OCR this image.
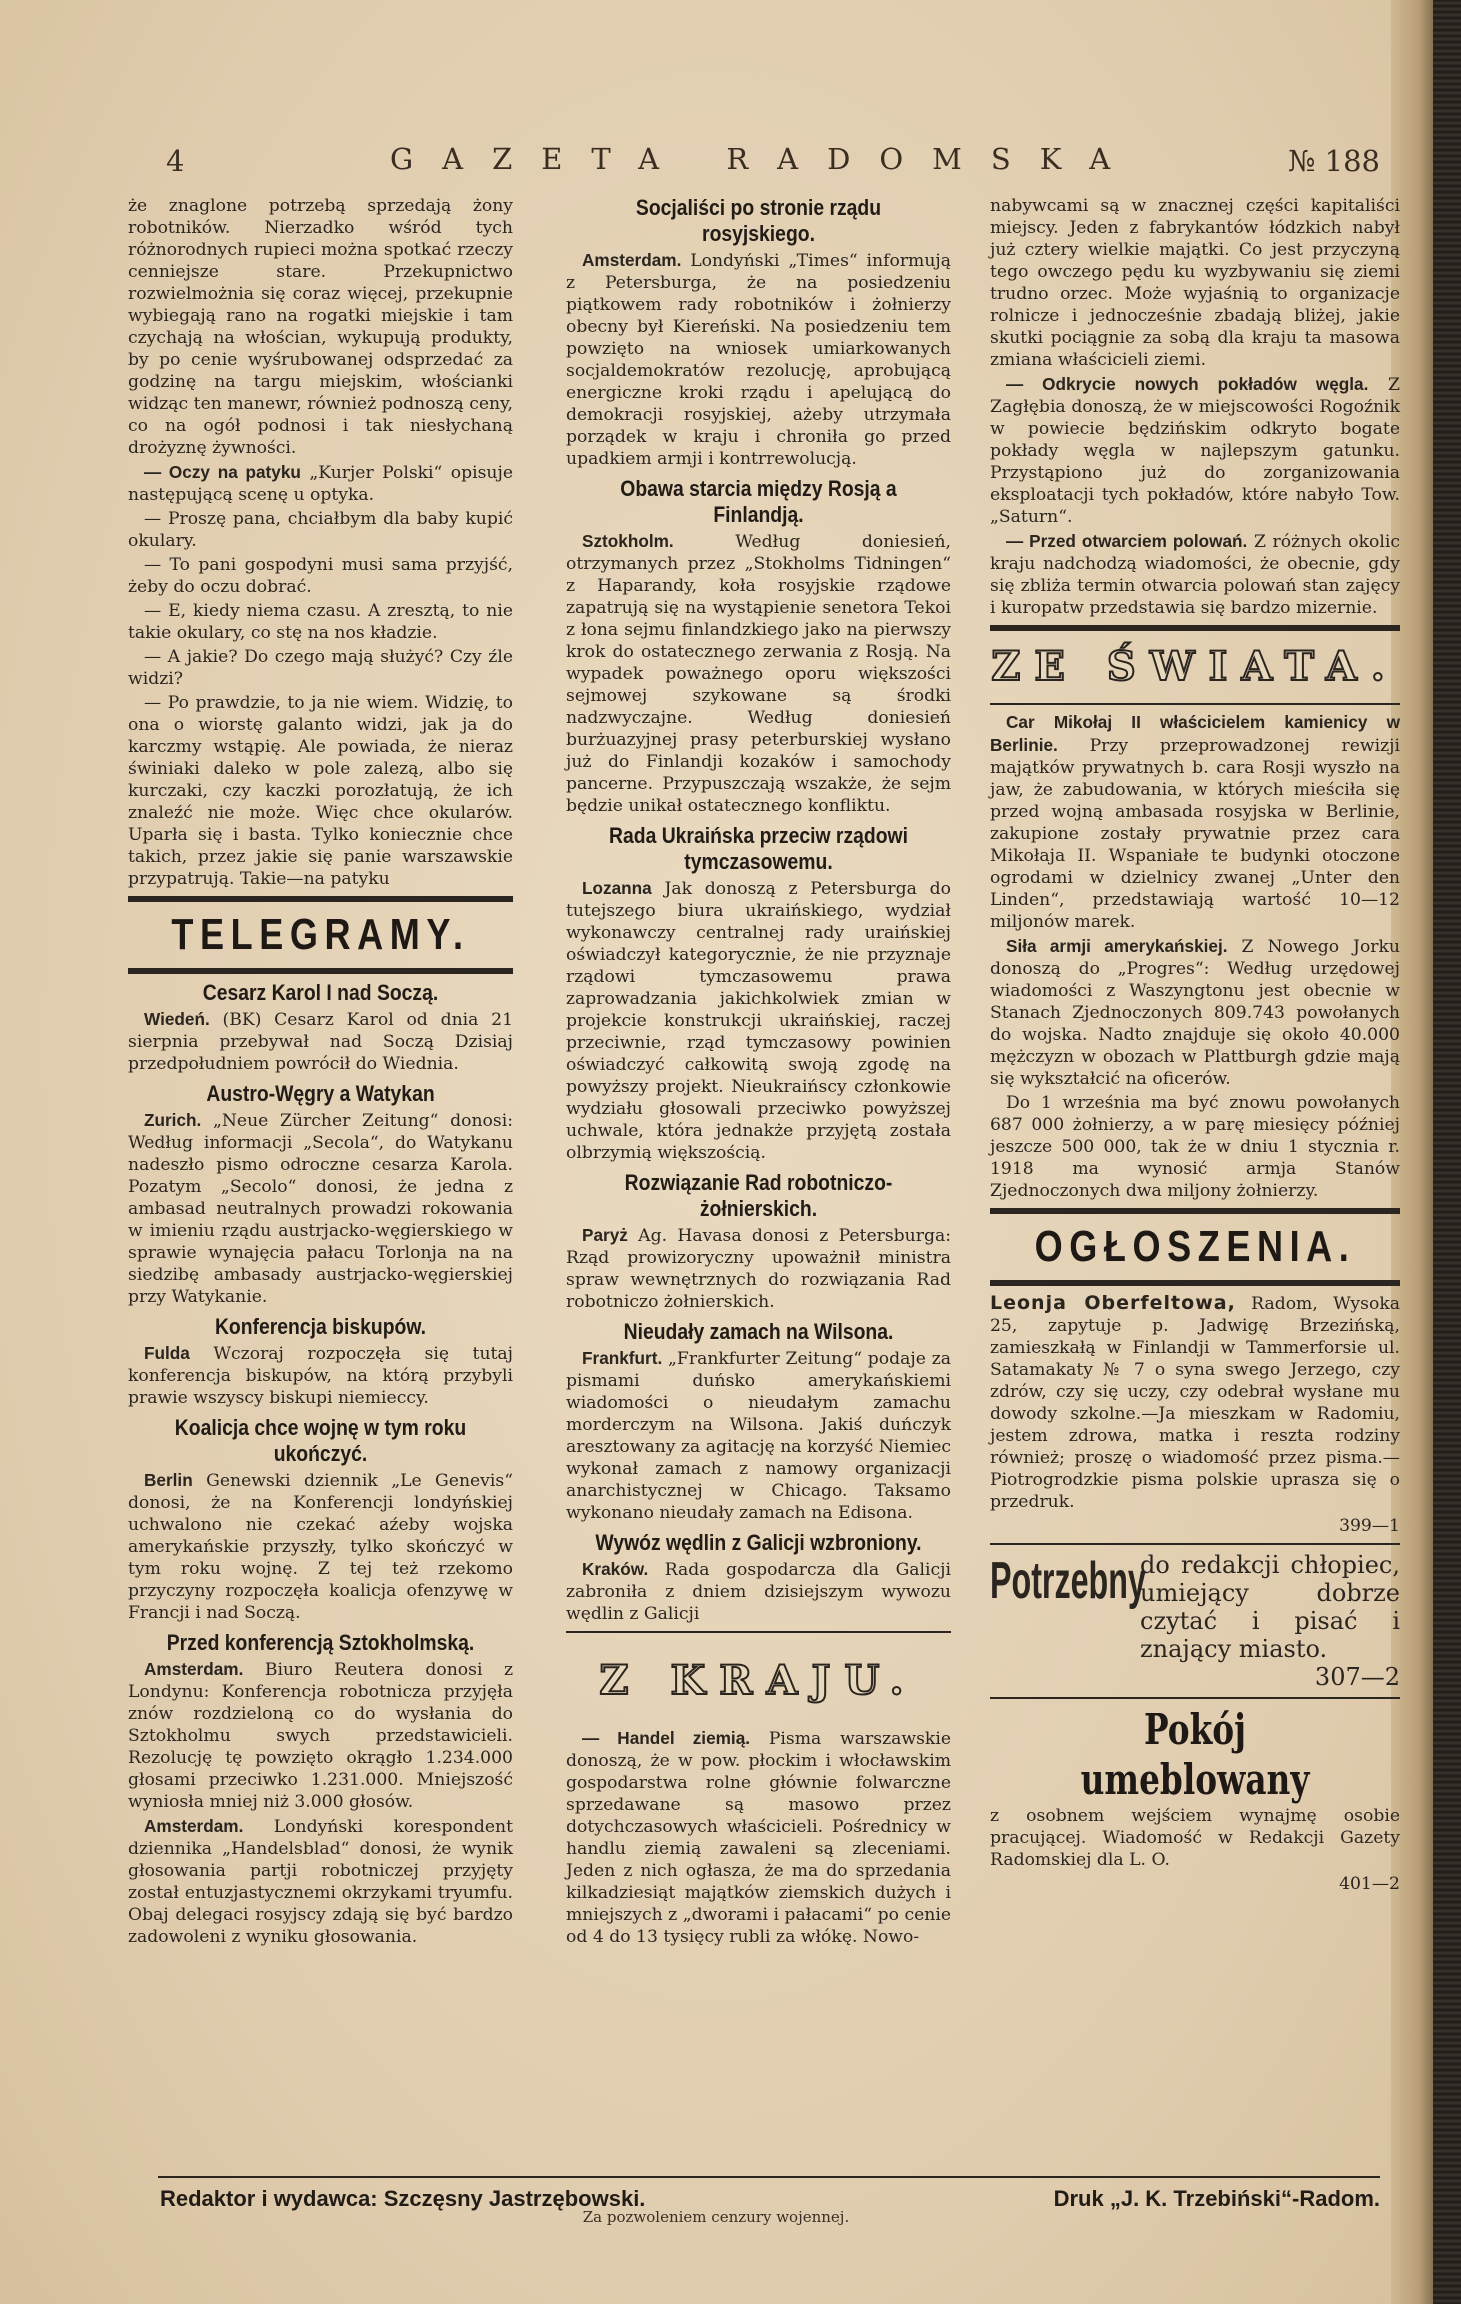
4	GAZETA RADOMSKA	№ 188

że znaglone potrzebą sprzedają żony robotników. Nierzadko wśród tych różnorodnych rupieci można spotkać rzeczy cenniejsze stare. Przekupnictwo rozwielmożnia się coraz więcej, przekupnie wybiegają rano na rogatki miejskie i tam czychają na włościan, wykupują produkty, by po cenie wyśrubowanej odsprzedać za godzinę na targu miejskim, włościanki widząc ten manewr, również podnoszą ceny, co na ogół podnosi i tak niesłychaną drożyznę żywności.

— Oczy na patyku „Kurjer Polski“ opisuje następującą scenę u optyka.

— Proszę pana, chciałbym dla baby kupić okulary.

— To pani gospodyni musi sama przyjść, żeby do oczu dobrać.

— E, kiedy niema czasu. A zresztą, to nie takie okulary, co stę na nos kładzie.

— A jakie? Do czego mają służyć? Czy źle widzi?

— Po prawdzie, to ja nie wiem. Widzię, to ona o wiorstę galanto widzi, jak ja do karczmy wstąpię. Ale powiada, że nieraz świniaki daleko w pole zalezą, albo się kurczaki, czy kaczki porozłatują, że ich znaleźć nie może. Więc chce okularów. Uparła się i basta. Tylko koniecznie chce takich, przez jakie się panie warszawskie przypatrują. Takie—na patyku

TELEGRAMY.
Cesarz Karol I nad Soczą.

Wiedeń. (BK) Cesarz Karol od dnia 21 sierpnia przebywał nad Soczą Dzisiaj przedpołudniem powrócił do Wiednia.

Austro-Węgry a Watykan

Zurich. „Neue Zürcher Zeitung“ donosi: Według informacji „Secola“, do Watykanu nadeszło pismo odroczne cesarza Karola. Pozatym „Secolo“ donosi, że jedna z ambasad neutralnych prowadzi rokowania w imieniu rządu austrjacko-węgierskiego w sprawie wynajęcia pałacu Torlonja na na siedzibę ambasady austrjacko-węgierskiej przy Watykanie.

Konferencja biskupów.

Fulda Wczoraj rozpoczęła się tutaj konferencja biskupów, na którą przybyli prawie wszyscy biskupi niemieccy.

Koalicja chce wojnę w tym roku ukończyć.

Berlin Genewski dziennik „Le Genevis“ donosi, że na Konferencji londyńskiej uchwalono nie czekać aźeby wojska amerykańskie przyszły, tylko skończyć w tym roku wojnę. Z tej też rzekomo przyczyny rozpoczęła koalicja ofenzywę w Francji i nad Soczą.

Przed konferencją Sztokholmską.

Amsterdam. Biuro Reutera donosi z Londynu: Konferencja robotnicza przyjęła znów rozdzieloną co do wysłania do Sztokholmu swych przedstawicieli. Rezolucję tę powzięto okrągło 1.234.000 głosami przeciwko 1.231.000. Mniejszość wyniosła mniej niż 3.000 głosów.

Amsterdam. Londyński korespondent dziennika „Handelsblad“ donosi, że wynik głosowania partji robotniczej przyjęty został entuzjastycznemi okrzykami tryumfu. Obaj delegaci rosyjscy zdają się być bardzo zadowoleni z wyniku głosowania.

Socjaliści po stronie rządu rosyjskiego.

Amsterdam. Londyński „Times“ informują z Petersburga, że na posiedzeniu piątkowem rady robotników i żołnierzy obecny był Kiereński. Na posiedzeniu tem powzięto na wniosek umiarkowanych socjaldemokratów rezolucję, aprobującą energiczne kroki rządu i apelującą do demokracji rosyjskiej, ażeby utrzymała porządek w kraju i chroniła go przed upadkiem armji i kontrrewolucją.

Obawa starcia między Rosją a Finlandją.

Sztokholm.	Według doniesień, otrzymanych przez „Stokholms Tidningen“ z Haparandy, koła rosyjskie rządowe zapatrują się na wystąpienie senetora Tekoi z łona sejmu finlandzkiego jako na pierwszy krok do ostatecznego zerwania z Rosją. Na wypadek poważnego oporu większości sejmowej szykowane są środki nadzwyczajne. Według doniesień burżuazyjnej prasy peterburskiej wysłano już do Finlandji kozaków i samochody pancerne. Przypuszczają wszakże, że sejm będzie unikał ostatecznego konfliktu.

Rada Ukraińska przeciw rządowi tymczasowemu.

Lozanna Jak donoszą z Petersburga do tutejszego biura ukraińskiego, wydział wykonawczy centralnej rady uraińskiej oświadczył kategorycznie, że nie przyznaje rządowi tymczasowemu prawa zaprowadzania jakichkolwiek zmian w projekcie konstrukcji ukraińskiej, raczej przeciwnie, rząd tymczasowy powinien oświadczyć całkowitą swoją zgodę na powyższy projekt. Nieukraińscy członkowie wydziału głosowali przeciwko powyższej uchwale, która jednakże przyjętą została olbrzymią większością.

Rozwiązanie Rad robotniczo-żołnierskich.

Paryż Ag. Havasa donosi z Petersburga: Rząd prowizoryczny upoważnił ministra spraw wewnętrznych do rozwiązania Rad robotniczo żołnierskich.

Nieudały zamach na Wilsona.

Frankfurt. „Frankfurter Zeitung“ podaje za pismami duńsko amerykańskiemi wiadomości o nieudałym zamachu morderczym na Wilsona. Jakiś duńczyk aresztowany za agitację na korzyść Niemiec wykonał zamach z namowy organizacji anarchistycznej w Chicago. Taksamo wykonano nieudały zamach na Edisona.

Wywóz wędlin z Galicji wzbroniony.

Kraków. Rada gospodarcza dla Galicji zabroniła z dniem dzisiejszym wywozu wędlin z Galicji

Z KRAJU.

— Handel ziemią. Pisma warszawskie donoszą, że w pow. płockim i włocławskim gospodarstwa rolne głównie folwarczne sprzedawane są masowo przez dotychczasowych właścicieli. Pośrednicy w handlu ziemią zawaleni są zleceniami. Jeden z nich ogłasza, że ma do sprzedania kilkadziesiąt majątków ziemskich dużych i mniejszych z „dworami i pałacami“ po cenie od 4 do 13 tysięcy rubli za włókę. Nowo-

nabywcami są w znacznej części kapitaliści miejscy. Jeden z fabrykantów łódzkich nabył już cztery wielkie majątki. Co jest przyczyną tego owczego pędu ku wyzbywaniu się ziemi trudno orzec. Może wyjaśnią to organizacje rolnicze i jednocześnie zbadają bliżej, jakie skutki pociągnie za sobą dla kraju ta masowa zmiana właścicieli ziemi.

— Odkrycie nowych pokładów węgla. Z Zagłębia donoszą, że w miejscowości Rogoźnik w powiecie będzińskim odkryto bogate pokłady węgla w najlepszym gatunku. Przystąpiono już do zorganizowania eksploatacji tych pokładów, które nabyło Tow. „Saturn“.

— Przed otwarciem polowań. Z różnych okolic kraju nadchodzą wiadomości, że obecnie, gdy się zbliża termin otwarcia polowań stan zajęcy i kuropatw przedstawia się bardzo mizernie.

ZE ŚWIATA.

Car Mikołaj II właścicielem kamienicy w Berlinie. Przy przeprowadzonej rewizji majątków prywatnych b. cara Rosji wyszło na jaw, że zabudowania, w których mieściła się przed wojną ambasada rosyjska w Berlinie, zakupione zostały prywatnie przez cara Mikołaja II. Wspaniałe te budynki otoczone ogrodami w dzielnicy zwanej „Unter den Linden“, przedstawiają wartość 10—12 miljonów marek.

Siła armji amerykańskiej. Z Nowego Jorku donoszą do „Progres“: Według urzędowej wiadomości z Waszyngtonu jest obecnie w Stanach Zjednoczonych 809.743 powołanych do wojska. Nadto znajduje się około 40.000 mężczyzn w obozach w Plattburgh gdzie mają się wykształcić na oficerów.

Do 1 września ma być znowu powołanych 687 000 żołnierzy, a w parę miesięcy później jeszcze 500 000, tak że w dniu 1 stycznia r. 1918 ma wynosić armja Stanów Zjednoczonych dwa miljony żołnierzy.

OGŁOSZENIA.

Leonja Oberfeltowa, Radom, Wysoka 25, zapytuje p. Jadwigę Brzezińską, zamieszkałą w Finlandji w Tammerforsie ul. Satamakaty № 7 o syna swego Jerzego, czy zdrów, czy się uczy, czy odebrał wysłane mu dowody szkolne.—Ja mieszkam w Radomiu, jestem zdrowa, matka i reszta rodziny również; proszę o wiadomość przez pisma.—Piotrogrodzkie pisma polskie uprasza się o przedruk.

399—1
Potrzebny
do redakcji chłopiec, umiejący dobrze czytać i pisać i znający miasto.
307—2
Pokój umeblowany

z osobnem wejściem wynajmę osobie pracującej. Wiadomość w Redakcji Gazety Radomskiej dla L. O.

401—2
Redaktor i wydawca: Szczęsny Jastrzębowski.	Druk „J. K. Trzebiński“-Radom.
Za pozwoleniem cenzury wojennej.
